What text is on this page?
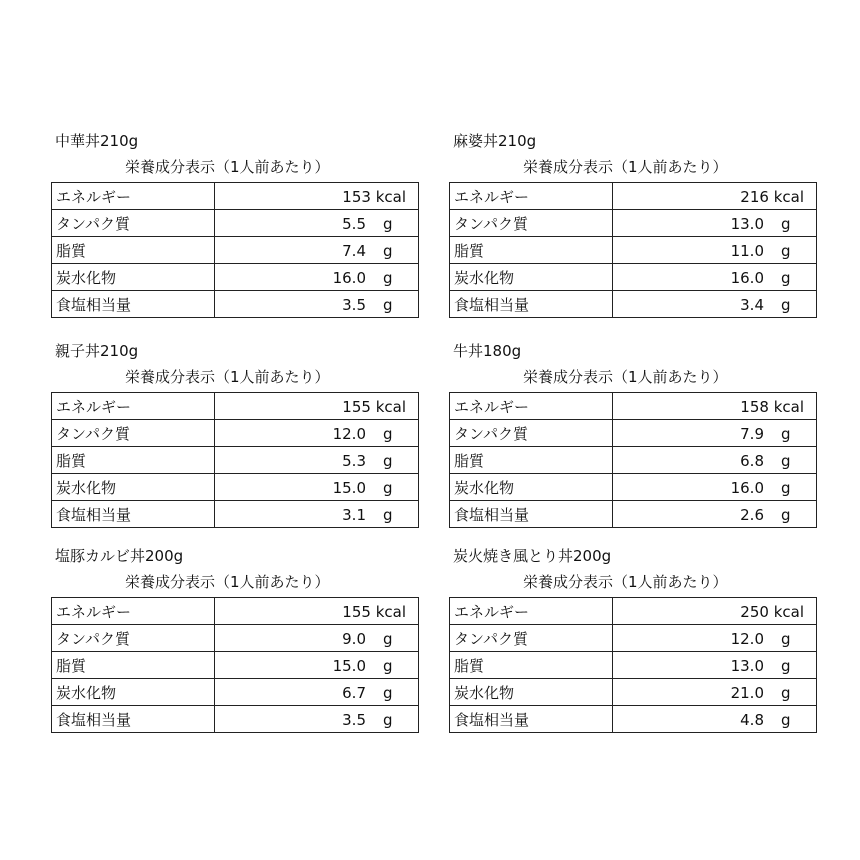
中華丼210g
栄養成分表示（1人前あたり）
エネルギー	153 kcal

タンパク質	5.5 g

脂質	7.4 g

炭水化物	16.0 g

食塩相当量	3.5 g
麻婆丼210g
栄養成分表示（1人前あたり）
エネルギー	216 kcal

タンパク質	13.0 g

脂質	11.0 g

炭水化物	16.0 g

食塩相当量	3.4 g
親子丼210g
栄養成分表示（1人前あたり）
エネルギー	155 kcal

タンパク質	12.0 g

脂質	5.3 g

炭水化物	15.0 g

食塩相当量	3.1 g
牛丼180g
栄養成分表示（1人前あたり）
エネルギー	158 kcal

タンパク質	7.9 g

脂質	6.8 g

炭水化物	16.0 g

食塩相当量	2.6 g
塩豚カルビ丼200g
栄養成分表示（1人前あたり）
エネルギー	155 kcal

タンパク質	9.0 g

脂質	15.0 g

炭水化物	6.7 g

食塩相当量	3.5 g
炭火焼き風とり丼200g
栄養成分表示（1人前あたり）
エネルギー	250 kcal

タンパク質	12.0 g

脂質	13.0 g

炭水化物	21.0 g

食塩相当量	4.8 g
